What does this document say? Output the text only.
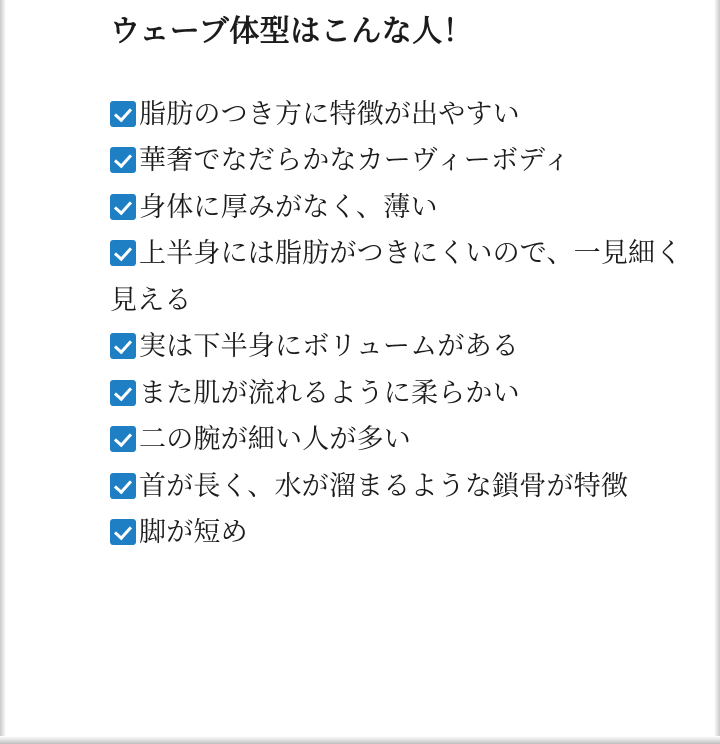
ウェーブ体型はこんな人！
脂肪のつき方に特徴が出やすい
華奢でなだらかなカーヴィーボディ
身体に厚みがなく、薄い
上半身には脂肪がつきにくいので、一見細く見える
実は下半身にボリュームがある
また肌が流れるように柔らかい
二の腕が細い人が多い
首が長く、水が溜まるような鎖骨が特徴
脚が短め
